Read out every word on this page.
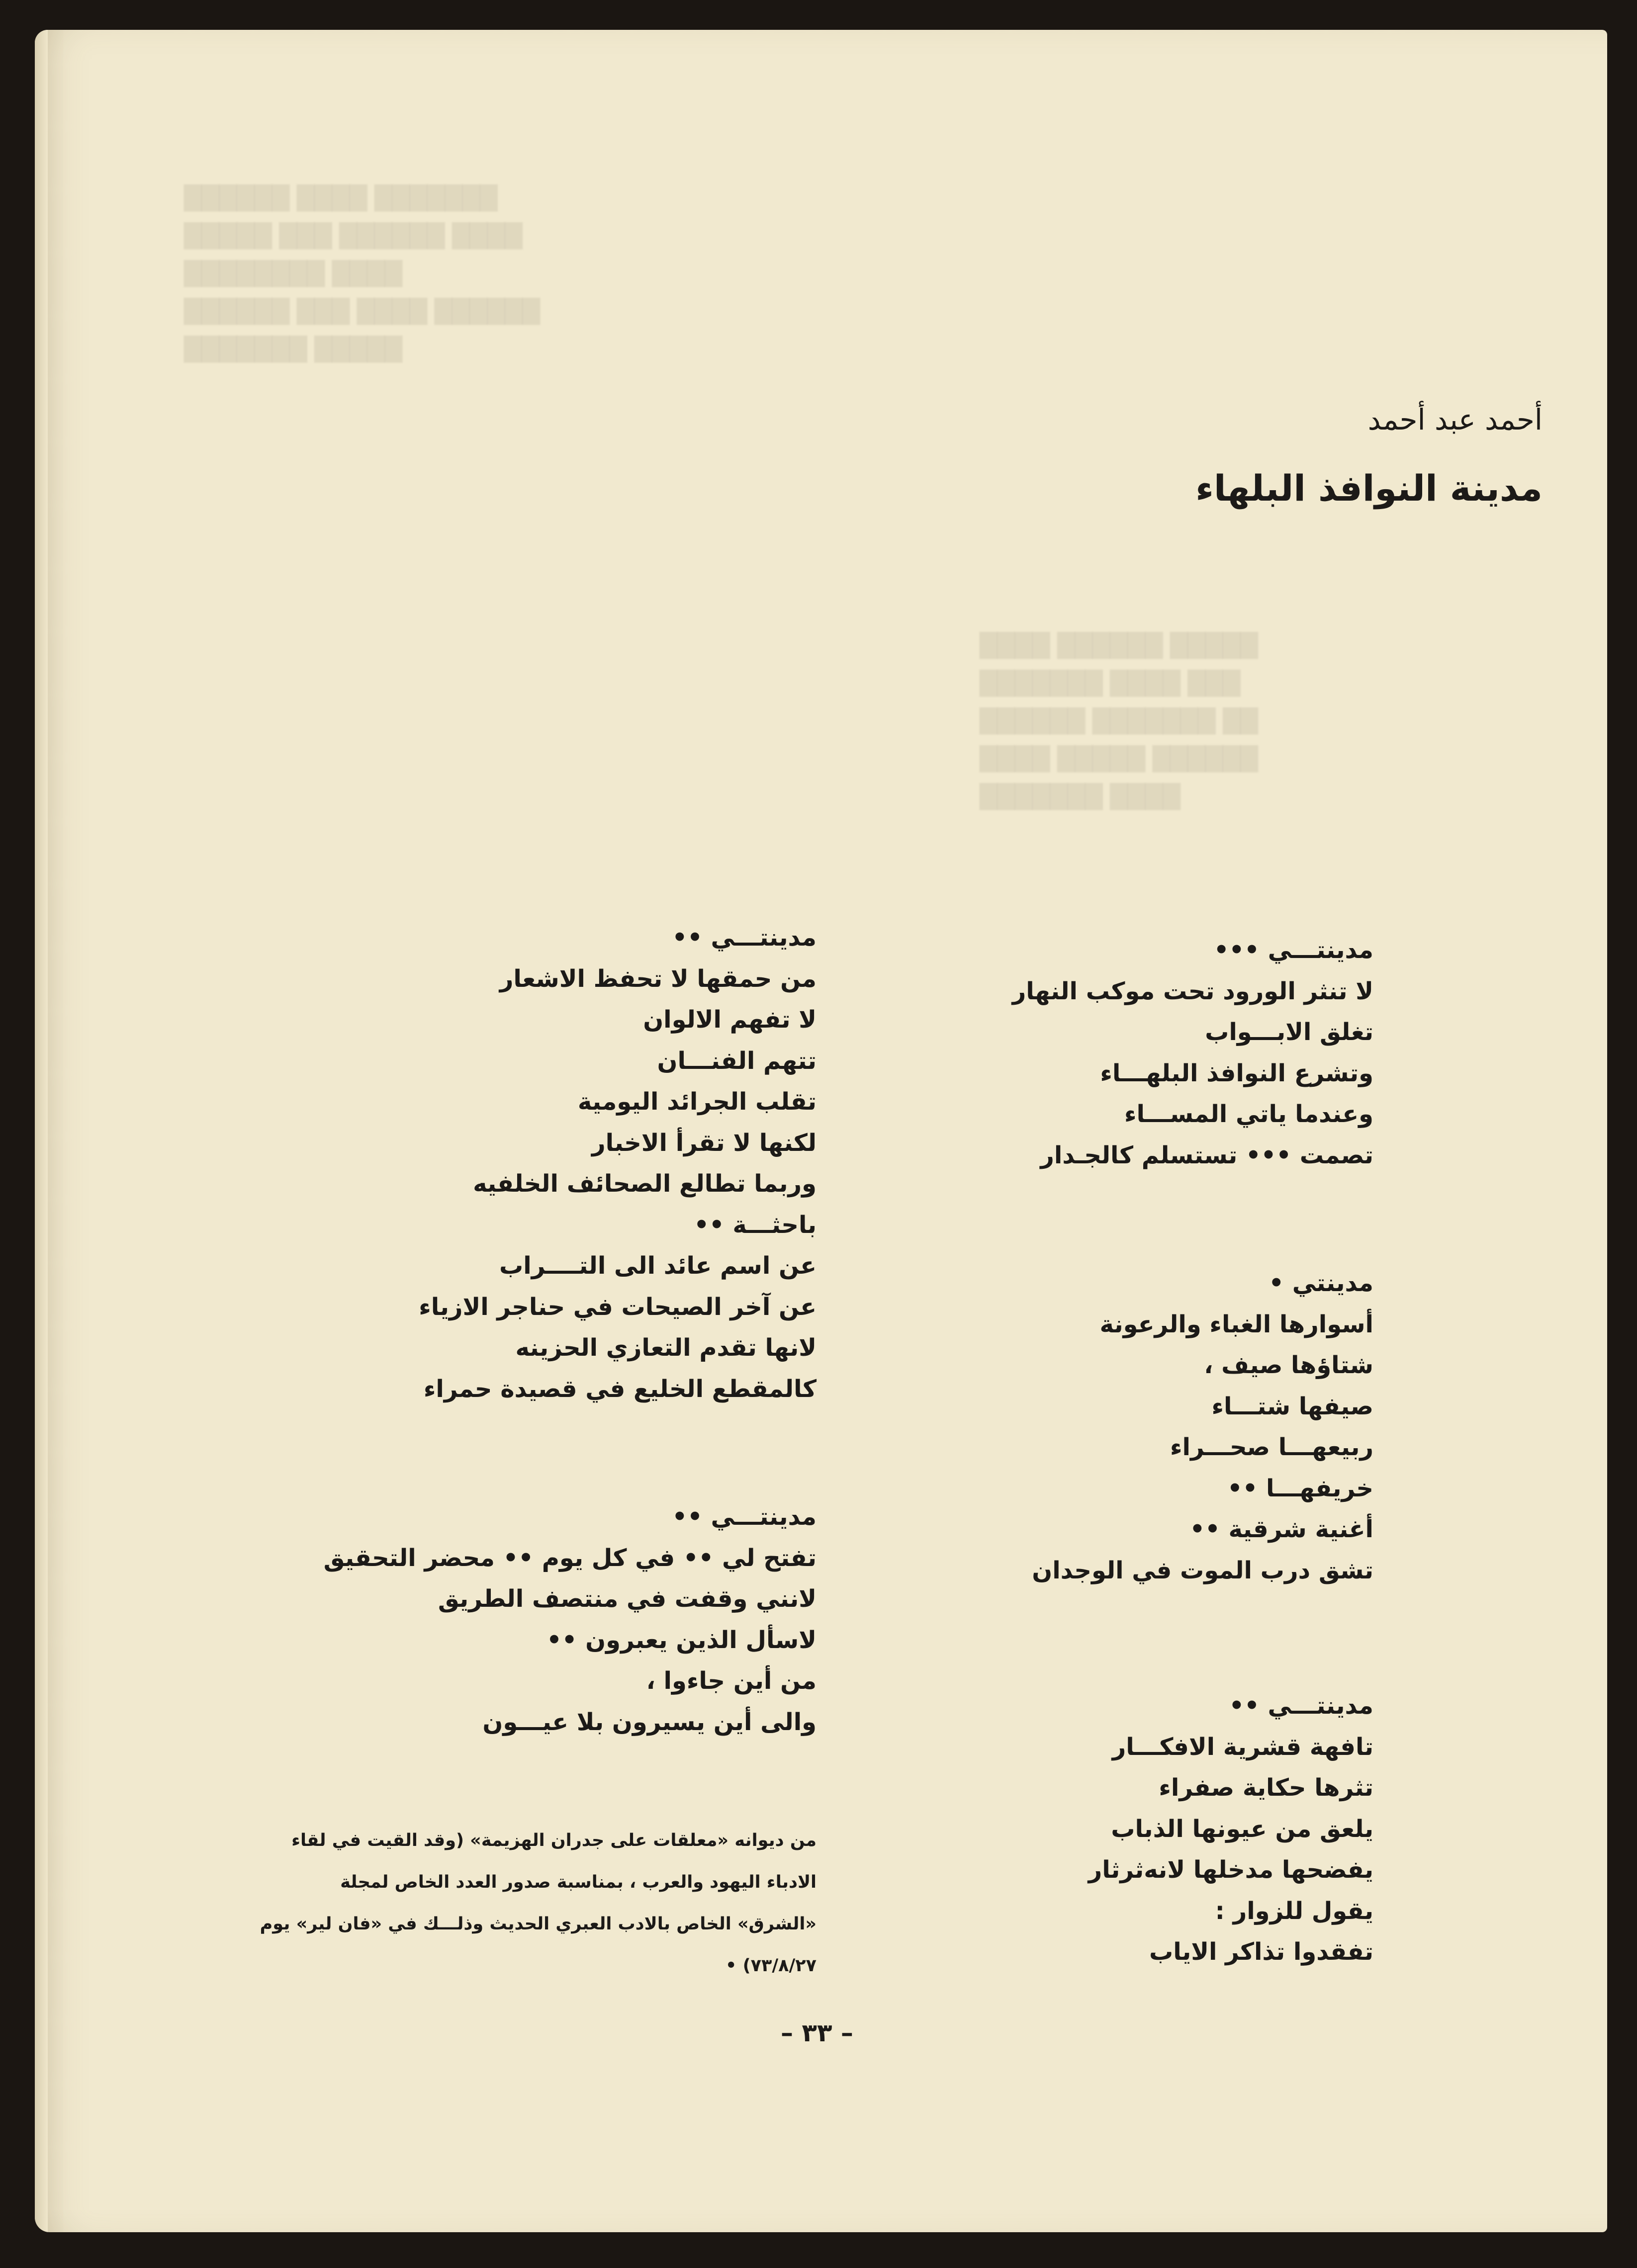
██████ ████ ███████
█████ ███ ██████ ████
████████ ████
██████ ███ ████ ██████
███████ █████
████ ██████ █████
███████ ████ ███
██████ ███████ ██
████ █████ ██████
███████ ████
أحمد عبد أحمد
مدينة النوافذ البلهاء
مدينتـــي •••
لا تنثر الورود تحت موكب النهار
تغلق الابـــواب
وتشرع النوافذ البلهـــاء
وعندما ياتي المســـاء
تصمت ••• تستسلم كالجـدار
مدينتي •
أسوارها الغباء والرعونة
شتاؤها صيف ،
صيفها شتـــاء
ربيعهـــا صحـــراء
خريفهـــا ••
أغنية شرقية ••
تشق درب الموت في الوجدان
مدينتـــي ••
تافهة قشرية الافكـــار
تثرها حكاية صفراء
يلعق من عيونها الذباب
يفضحها مدخلها لانه‌ثرثار
يقول للزوار :
تفقدوا تذاكر الاياب
مدينتـــي ••
من حمقها لا تحفظ الاشعار
لا تفهم الالوان
تتهم الفنـــان
تقلب الجرائد اليومية
لكنها لا تقرأ الاخبار
وربما تطالع الصحائف الخلفيه
باحثـــة ••
عن اسم عائد الى التــــراب
عن آخر الصيحات في حناجر الازياء
لانها تقدم التعازي الحزينه
كالمقطع الخليع في قصيدة حمراء
مدينتـــي ••
تفتح لي •• في كل يوم •• محضر التحقيق
لانني وقفت في منتصف الطريق
لاسأل الذين يعبرون ••
من أين جاءوا ،
والى أين يسيرون بلا عيـــون
من ديوانه «معلقات على جدران الهزيمة» (وقد القيت في لقاء الادباء اليهود والعرب ، بمناسبة صدور العدد الخاص لمجلة «الشرق» الخاص بالادب العبري الحديث وذلـــك في «فان لير» يوم ٧٣/٨/٢٧) •
– ٣٣ –
